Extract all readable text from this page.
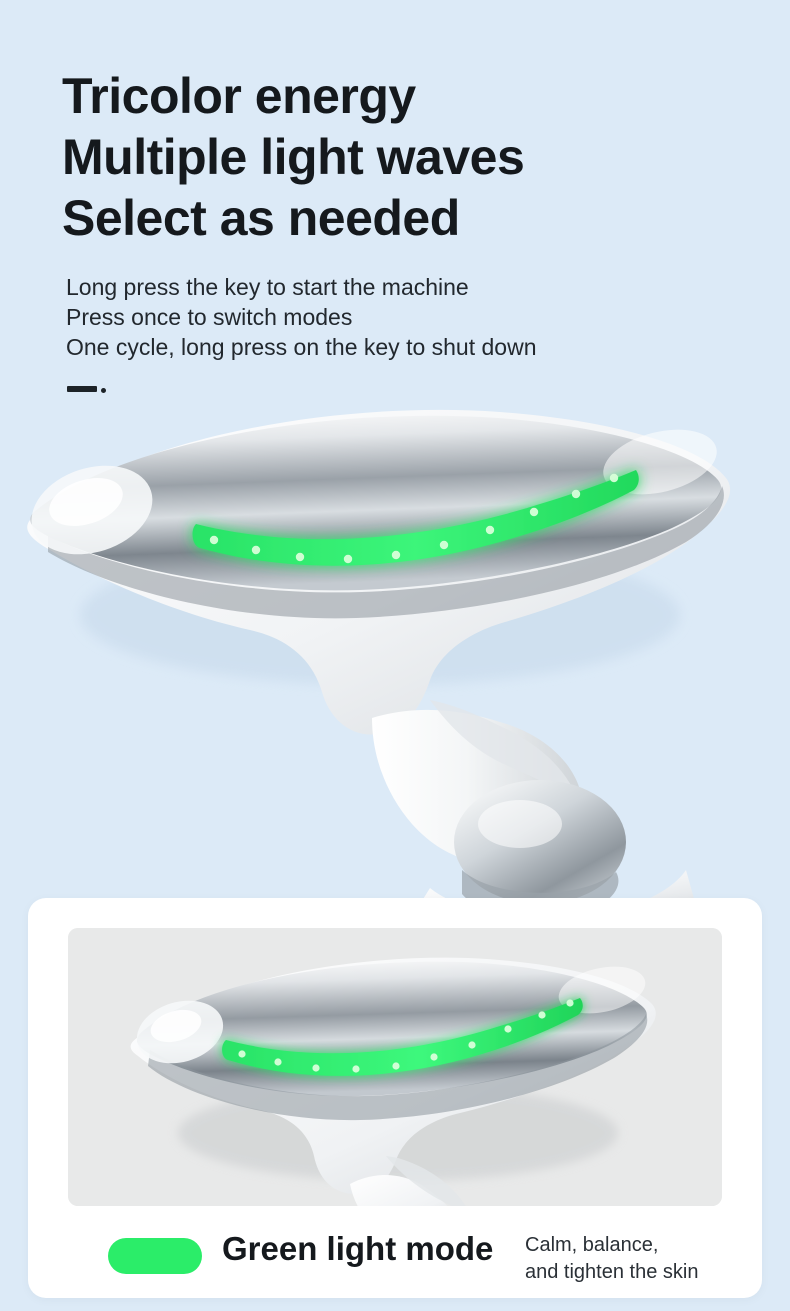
Tricolor energy
Multiple light waves
Select as needed
Long press the key to start the machine
Press once to switch modes
One cycle, long press on the key to shut down
Green light mode Calm, balance,
and tighten the skin
